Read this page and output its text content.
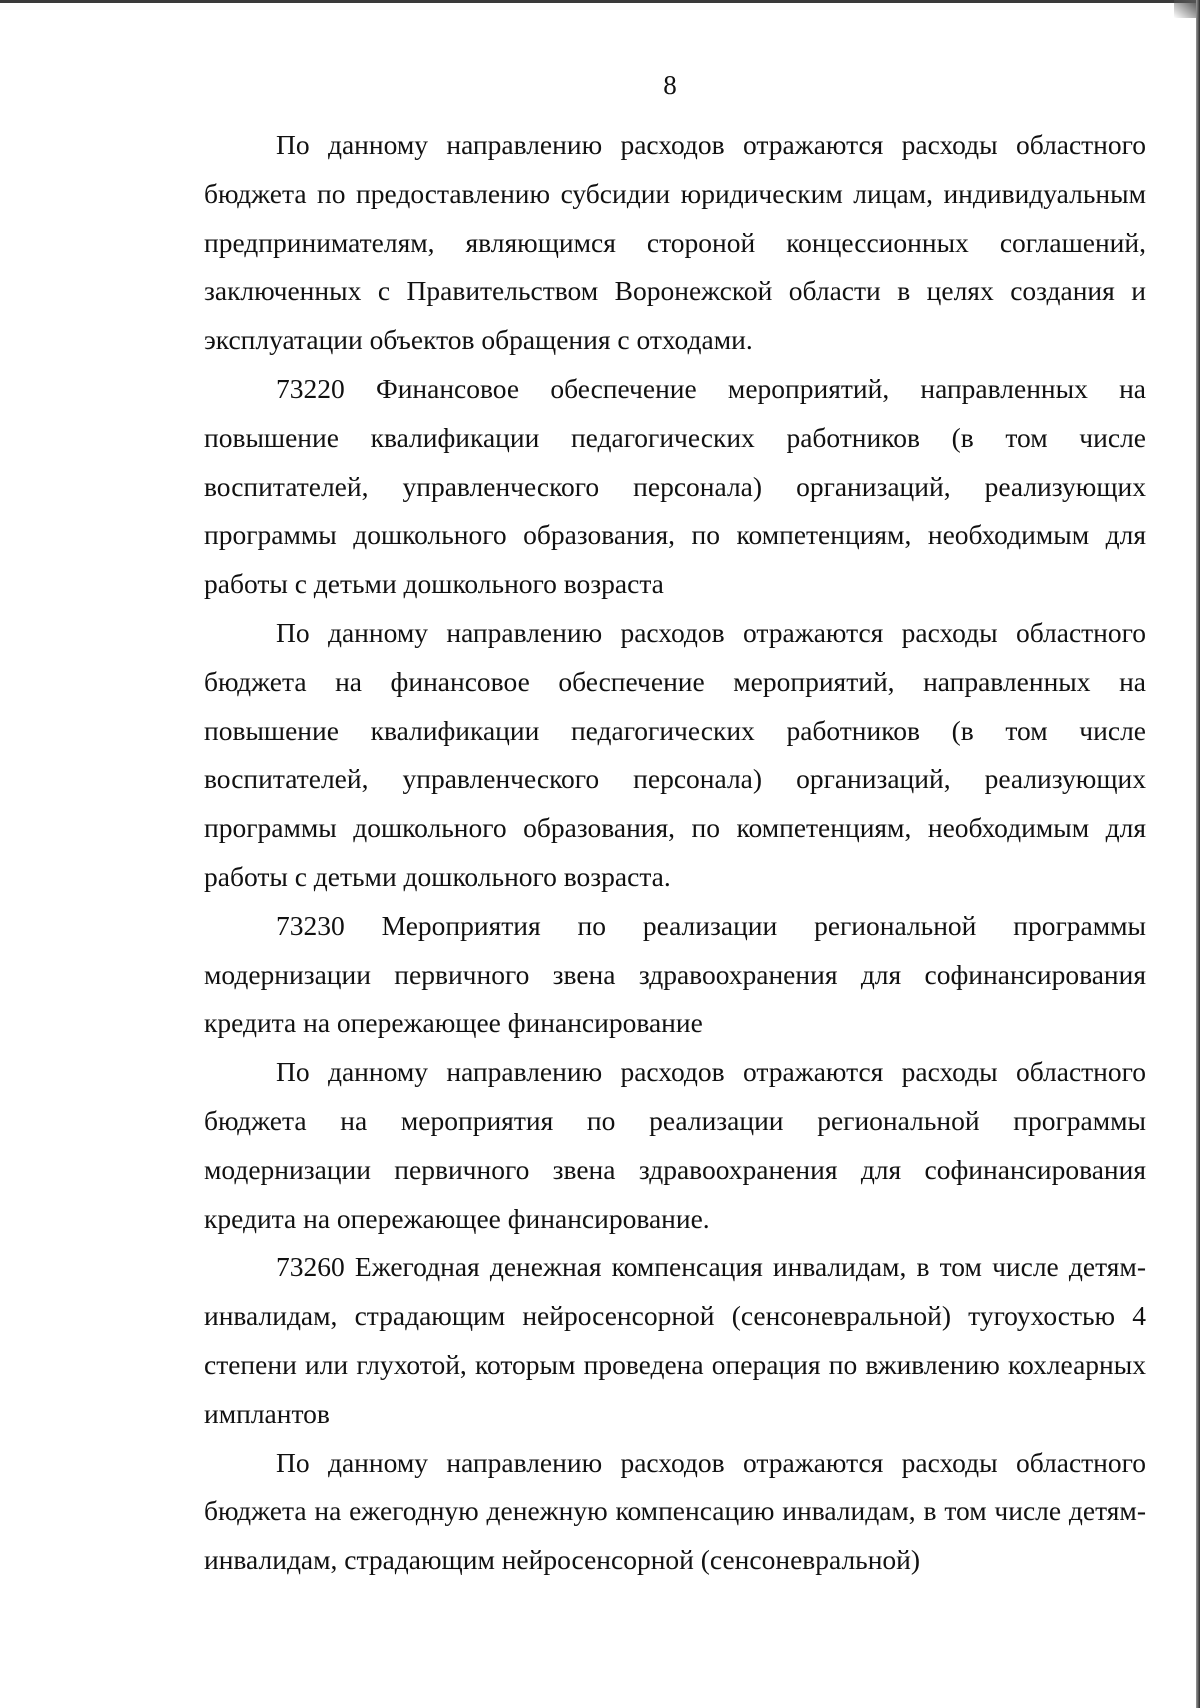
8

По данному направлению расходов отражаются расходы областного бюджета по предоставлению субсидии юридическим лицам, индивидуальным предпринимателям, являющимся стороной концессионных соглашений, заключенных с Правительством Воронежской области в целях создания и эксплуатации объектов обращения с отходами.

73220 Финансовое обеспечение мероприятий, направленных на повышение квалификации педагогических работников (в том числе воспитателей, управленческого персонала) организаций, реализующих программы дошкольного образования, по компетенциям, необходимым для работы с детьми дошкольного возраста

По данному направлению расходов отражаются расходы областного бюджета на финансовое обеспечение мероприятий, направленных на повышение квалификации педагогических работников (в том числе воспитателей, управленческого персонала) организаций, реализующих программы дошкольного образования, по компетенциям, необходимым для работы с детьми дошкольного возраста.

73230 Мероприятия по реализации региональной программы модернизации первичного звена здравоохранения для софинансирования кредита на опережающее финансирование

По данному направлению расходов отражаются расходы областного бюджета на мероприятия по реализации региональной программы модернизации первичного звена здравоохранения для софинансирования кредита на опережающее финансирование.

73260 Ежегодная денежная компенсация инвалидам, в том числе детям-инвалидам, страдающим нейросенсорной (сенсоневральной) тугоухостью 4 степени или глухотой, которым проведена операция по вживлению кохлеарных имплантов

По данному направлению расходов отражаются расходы областного бюджета на ежегодную денежную компенсацию инвалидам, в том числе детям-инвалидам, страдающим нейросенсорной (сенсоневральной)
